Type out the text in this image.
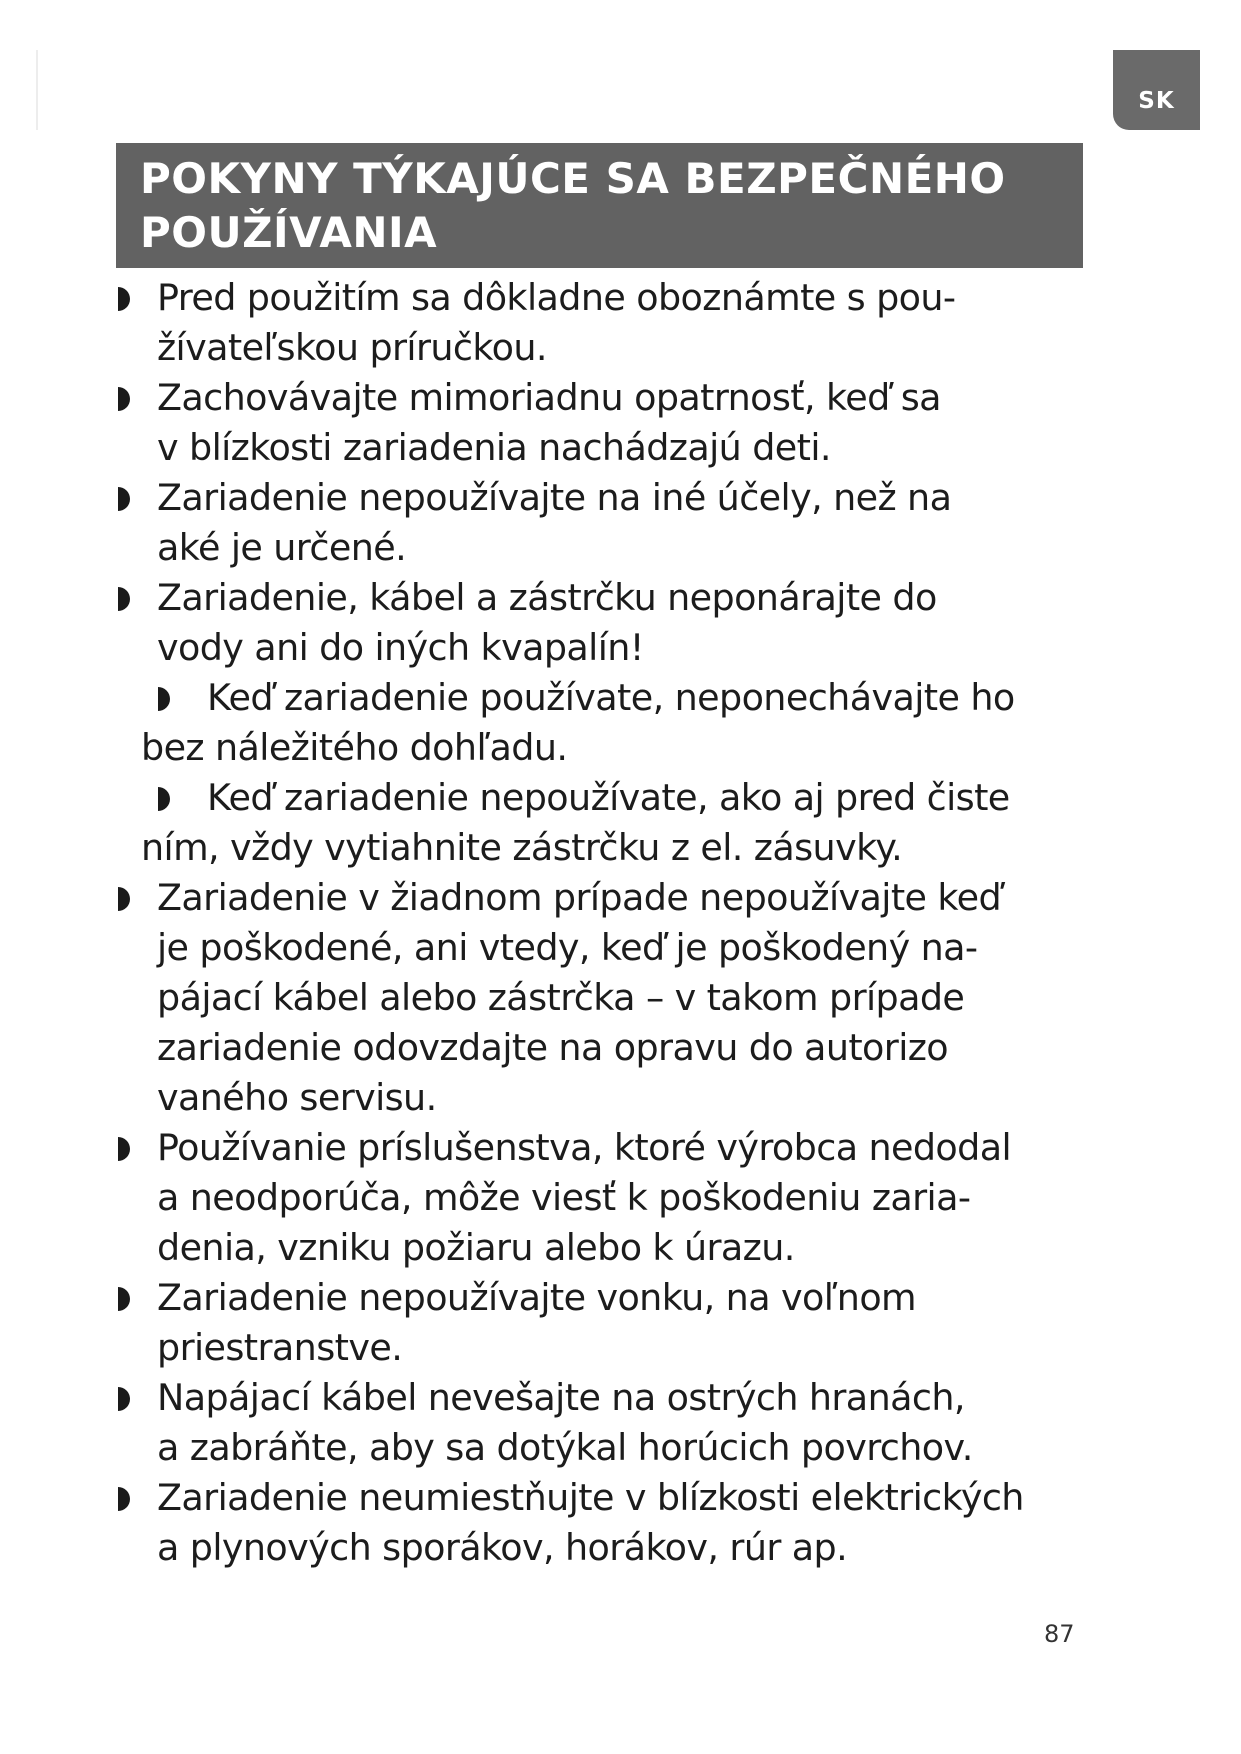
SK
POKYNY TÝKAJÚCE SA BEZPEČNÉHO
POUŽÍVANIA
Pred použitím sa dôkladne oboznámte s pou-
žívateľskou príručkou.
Zachovávajte mimoriadnu opatrnosť, keď sa
v blízkosti zariadenia nachádzajú deti.
Zariadenie nepoužívajte na iné účely, než na
aké je určené.
Zariadenie, kábel a zástrčku neponárajte do
vody ani do iných kvapalín!
Keď zariadenie používate, neponechávajte ho
bez náležitého dohľadu.
Keď zariadenie nepoužívate, ako aj pred čiste
ním, vždy vytiahnite zástrčku z el. zásuvky.
Zariadenie v žiadnom prípade nepoužívajte keď
je poškodené, ani vtedy, keď je poškodený na-
pájací kábel alebo zástrčka – v takom prípade
zariadenie odovzdajte na opravu do autorizo
vaného servisu.
Používanie príslušenstva, ktoré výrobca nedodal
a neodporúča, môže viesť k poškodeniu zaria-
denia, vzniku požiaru alebo k úrazu.
Zariadenie nepoužívajte vonku, na voľnom
priestranstve.
Napájací kábel nevešajte na ostrých hranách,
a zabráňte, aby sa dotýkal horúcich povrchov.
Zariadenie neumiestňujte v blízkosti elektrických
a plynových sporákov, horákov, rúr ap.
87
